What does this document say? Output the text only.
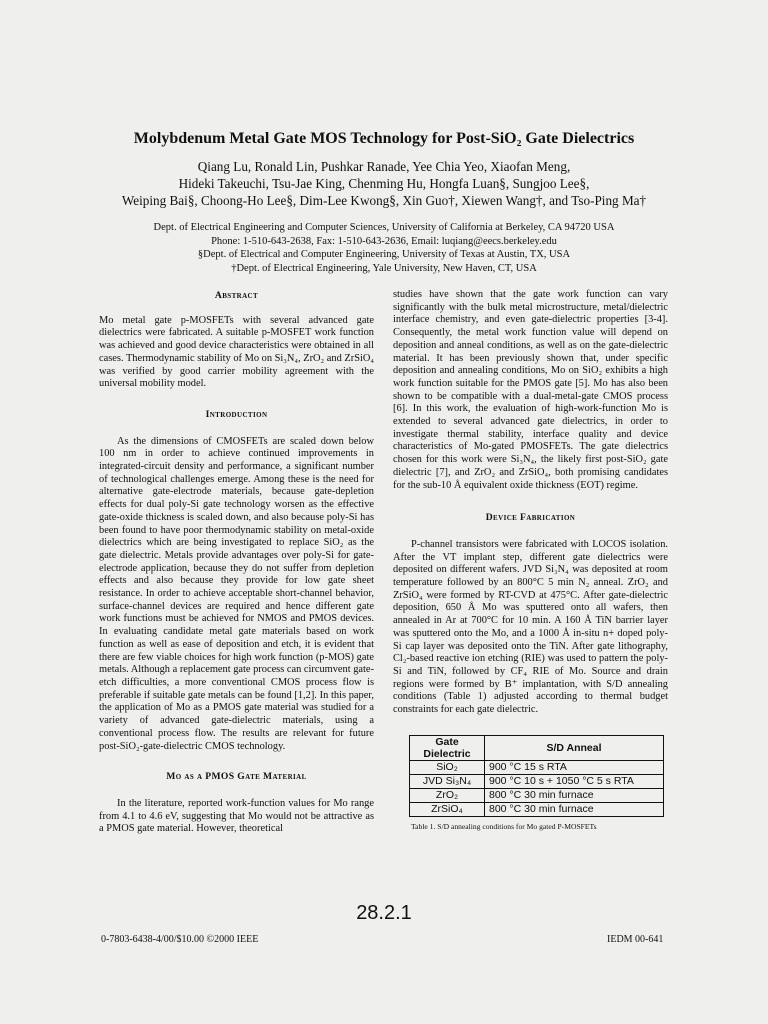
Molybdenum Metal Gate MOS Technology for Post-SiO₂ Gate Dielectrics
Qiang Lu, Ronald Lin, Pushkar Ranade, Yee Chia Yeo, Xiaofan Meng,
Hideki Takeuchi, Tsu-Jae King, Chenming Hu, Hongfa Luan§, Sungjoo Lee§,
Weiping Bai§, Choong-Ho Lee§, Dim-Lee Kwong§, Xin Guo†, Xiewen Wang†, and Tso-Ping Ma†
Dept. of Electrical Engineering and Computer Sciences, University of California at Berkeley, CA 94720 USA
Phone: 1-510-643-2638, Fax: 1-510-643-2636, Email: luqiang@eecs.berkeley.edu
§Dept. of Electrical and Computer Engineering, University of Texas at Austin, TX, USA
†Dept. of Electrical Engineering, Yale University, New Haven, CT, USA

Abstract

Mo metal gate p-MOSFETs with several advanced gate dielectrics were fabricated. A suitable p-MOSFET work function was achieved and good device characteristics were obtained in all cases. Thermodynamic stability of Mo on Si₃N₄, ZrO₂ and ZrSiO₄ was verified by good carrier mobility agreement with the universal mobility model.

Introduction

As the dimensions of CMOSFETs are scaled down below 100 nm in order to achieve continued improvements in integrated-circuit density and performance, a significant number of technological challenges emerge. Among these is the need for alternative gate-electrode materials, because gate-depletion effects for dual poly-Si gate technology worsen as the effective gate-oxide thickness is scaled down, and also because poly-Si has been found to have poor thermodynamic stability on metal-oxide dielectrics which are being investigated to replace SiO₂ as the gate dielectric. Metals provide advantages over poly-Si for gate-electrode application, because they do not suffer from depletion effects and also because they provide for low gate sheet resistance. In order to achieve acceptable short-channel behavior, surface-channel devices are required and hence different gate work functions must be achieved for NMOS and PMOS devices. In evaluating candidate metal gate materials based on work function as well as ease of deposition and etch, it is evident that there are few viable choices for high work function (p-MOS) gate metals. Although a replacement gate process can circumvent gate-etch difficulties, a more conventional CMOS process flow is preferable if suitable gate metals can be found [1,2]. In this paper, the application of Mo as a PMOS gate material was studied for a variety of advanced gate-dielectric materials, using a conventional process flow. The results are relevant for future post-SiO₂-gate-dielectric CMOS technology.

Mo as a PMOS Gate Material

In the literature, reported work-function values for Mo range from 4.1 to 4.6 eV, suggesting that Mo would not be attractive as a PMOS gate material. However, theoretical

studies have shown that the gate work function can vary significantly with the bulk metal microstructure, metal/dielectric interface chemistry, and even gate-dielectric properties [3-4]. Consequently, the metal work function value will depend on deposition and anneal conditions, as well as on the gate-dielectric material. It has been previously shown that, under specific deposition and annealing conditions, Mo on SiO₂ exhibits a high work function suitable for the PMOS gate [5]. Mo has also been shown to be compatible with a dual-metal-gate CMOS process [6]. In this work, the evaluation of high-work-function Mo is extended to several advanced gate dielectrics, in order to investigate thermal stability, interface quality and device characteristics of Mo-gated PMOSFETs. The gate dielectrics chosen for this work were Si₃N₄, the likely first post-SiO₂ gate dielectric [7], and ZrO₂ and ZrSiO₄, both promising candidates for the sub-10 Å equivalent oxide thickness (EOT) regime.

Device Fabrication

P-channel transistors were fabricated with LOCOS isolation. After the VT implant step, different gate dielectrics were deposited on different wafers. JVD Si₃N₄ was deposited at room temperature followed by an 800°C 5 min N₂ anneal. ZrO₂ and ZrSiO₄ were formed by RT-CVD at 475°C. After gate-dielectric deposition, 650 Å Mo was sputtered onto all wafers, then annealed in Ar at 700°C for 10 min. A 160 Å TiN barrier layer was sputtered onto the Mo, and a 1000 Å in-situ n+ doped poly-Si cap layer was deposited onto the TiN. After gate lithography, Cl₂-based reactive ion etching (RIE) was used to pattern the poly-Si and TiN, followed by CF₄ RIE of Mo. Source and drain regions were formed by B⁺ implantation, with S/D annealing conditions (Table 1) adjusted according to thermal budget constraints for each gate dielectric.

Gate Dielectric	S/D Anneal
SiO₂	900 °C 15 s RTA
JVD Si₃N₄	900 °C 10 s + 1050 °C 5 s RTA
ZrO₂	800 °C 30 min furnace
ZrSiO₄	800 °C 30 min furnace
Table 1. S/D annealing conditions for Mo gated P-MOSFETs
28.2.1
0-7803-6438-4/00/$10.00 ©2000 IEEE	IEDM 00-641
